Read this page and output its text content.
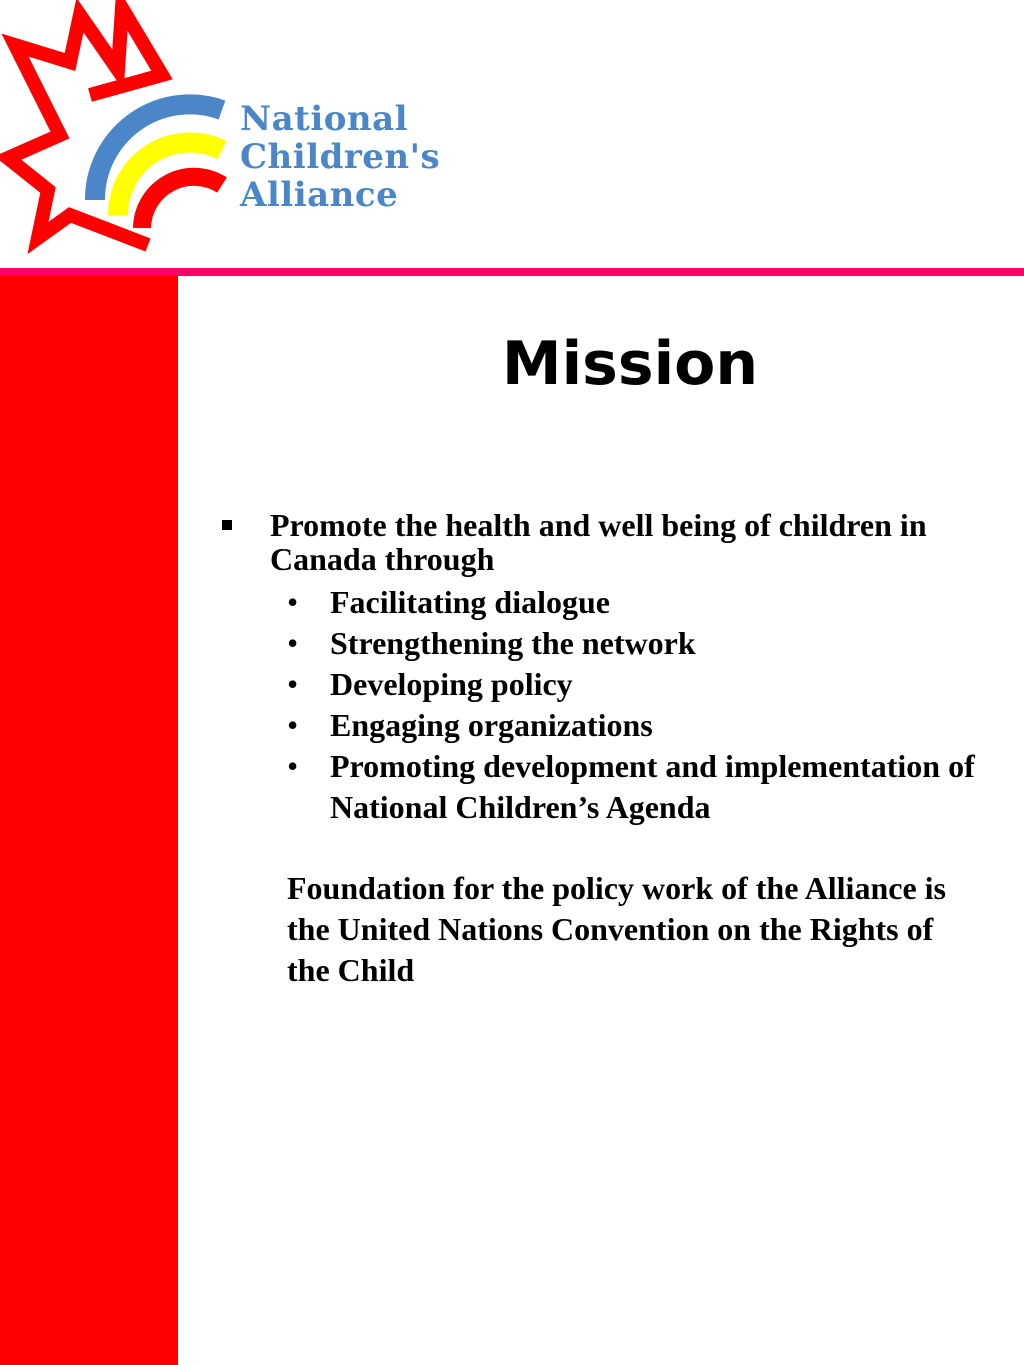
National
Children's
Alliance
Mission
Promote the health and well being of children in Canada through
• Facilitating dialogue
• Strengthening the network
• Developing policy
• Engaging organizations
• Promoting development and implementation of National Children’s Agenda
Foundation for the policy work of the Alliance is the United Nations Convention on the Rights of the Child
